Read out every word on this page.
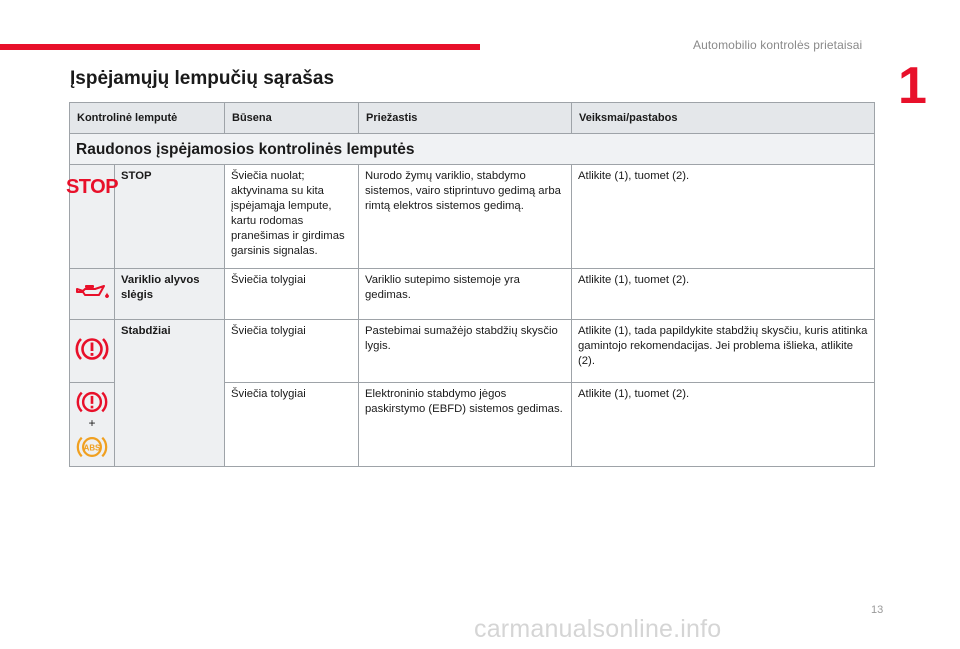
Automobilio kontrolės prietaisai
1
Įspėjamųjų lempučių sąrašas
Kontrolinė lemputė		Būsena	Priežastis	Veiksmai/pastabos
Raudonos įspėjamosios kontrolinės lemputės				

STOP	STOP	Šviečia nuolat; aktyvinama su kita įspėjamąja lempute, kartu rodomas pranešimas ir girdimas garsinis signalas.	Nurodo žymų variklio, stabdymo sistemos, vairo stiprintuvo gedimą arba rimtą elektros sistemos gedimą.	Atlikite (1), tuomet (2).
	Variklio alyvos slėgis	Šviečia tolygiai	Variklio sutepimo sistemoje yra gedimas.	Atlikite (1), tuomet (2).
	Stabdžiai	Šviečia tolygiai	Pastebimai sumažėjo stabdžių skysčio lygis.	Atlikite (1), tada papildykite stabdžių skysčiu, kuris atitinka gamintojo rekomendacijas. Jei problema išlieka, atlikite (2).

+
ABS		Šviečia tolygiai	Elektroninio stabdymo jėgos paskirstymo (EBFD) sistemos gedimas.	Atlikite (1), tuomet (2).
13
carmanualsonline.info
